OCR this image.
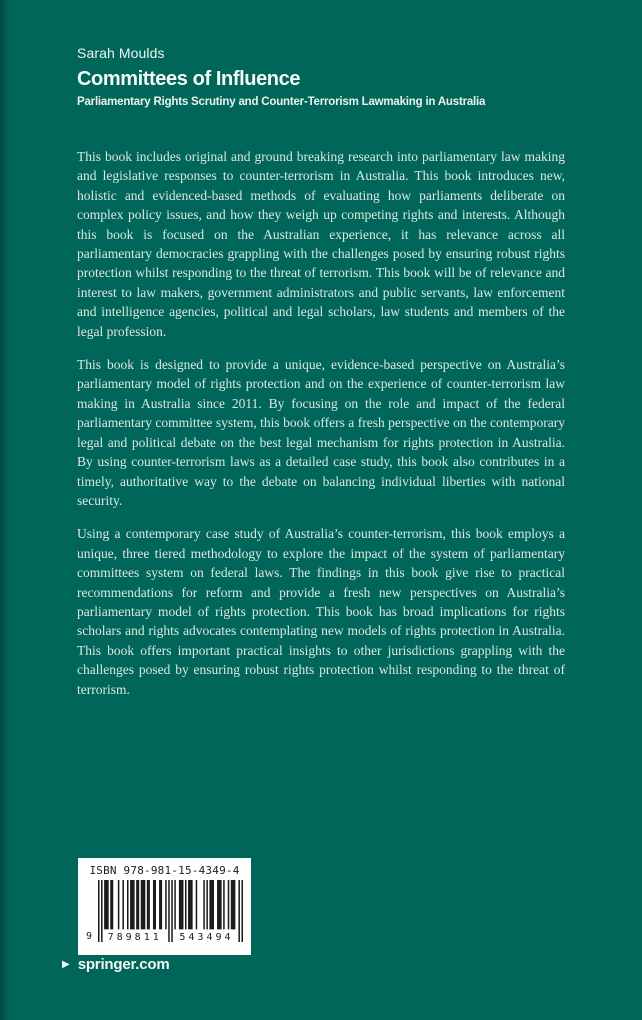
Sarah Moulds

Committees of Influence

Parliamentary Rights Scrutiny and Counter-Terrorism Lawmaking in Australia

This book includes original and ground breaking research into parliamentary law making and legislative responses to counter-terrorism in Australia. This book introduces new, holistic and evidenced-based methods of evaluating how parliaments deliberate on complex policy issues, and how they weigh up competing rights and interests. Although this book is focused on the Australian experience, it has relevance across all parliamentary democracies grappling with the challenges posed by ensuring robust rights protection whilst responding to the threat of terrorism. This book will be of relevance and interest to law makers, government administrators and public servants, law enforcement and intelligence agencies, political and legal scholars, law students and members of the legal profession.

This book is designed to provide a unique, evidence-based perspective on Australia’s parliamentary model of rights protection and on the experience of counter-terrorism law making in Australia since 2011. By focusing on the role and impact of the federal parliamentary committee system, this book offers a fresh perspective on the contemporary legal and political debate on the best legal mechanism for rights protection in Australia. By using counter-terrorism laws as a detailed case study, this book also contributes in a timely, authoritative way to the debate on balancing individual liberties with national security.

Using a contemporary case study of Australia’s counter-terrorism, this book employs a unique, three tiered methodology to explore the impact of the system of parliamentary committees system on federal laws. The findings in this book give rise to practical recommendations for reform and provide a fresh new perspectives on Australia’s parliamentary model of rights protection. This book has broad implications for rights scholars and rights advocates contemplating new models of rights protection in Australia. This book offers important practical insights to other jurisdictions grappling with the challenges posed by ensuring robust rights protection whilst responding to the threat of terrorism.

ISBN 978-981-15-4349-4
9	789811 543494
▶ springer.com
